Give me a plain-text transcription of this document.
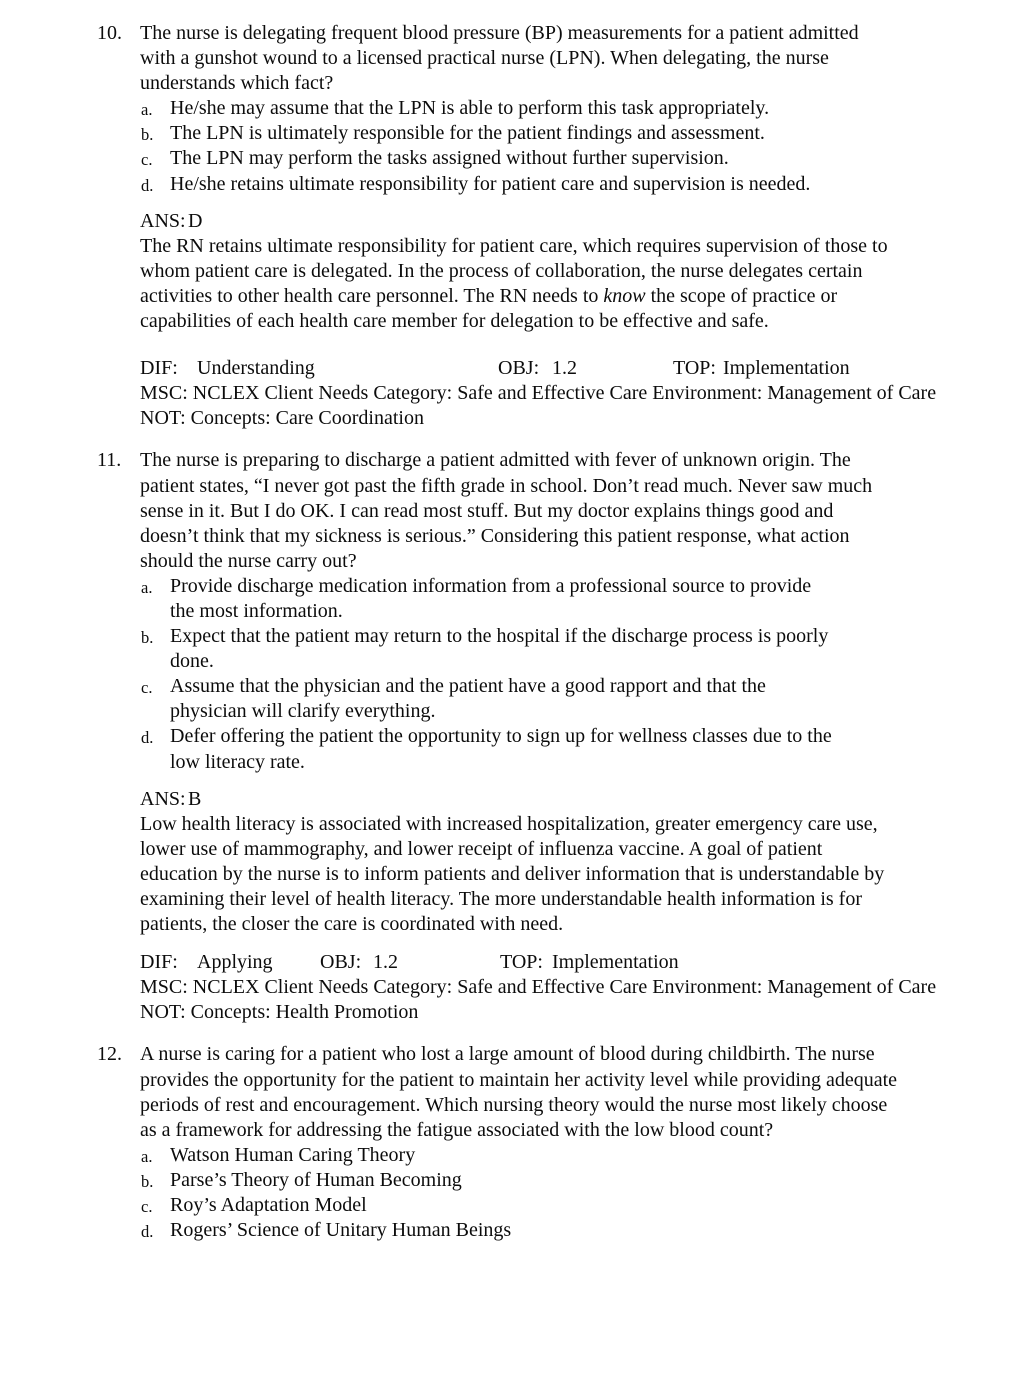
10. The nurse is delegating frequent blood pressure (BP) measurements for a patient admitted
with a gunshot wound to a licensed practical nurse (LPN). When delegating, the nurse
understands which fact?
a. He/she may assume that the LPN is able to perform this task appropriately.
b. The LPN is ultimately responsible for the patient findings and assessment.
c. The LPN may perform the tasks assigned without further supervision.
d. He/she retains ultimate responsibility for patient care and supervision is needed.
ANS: D
The RN retains ultimate responsibility for patient care, which requires supervision of those to
whom patient care is delegated. In the process of collaboration, the nurse delegates certain
activities to other health care personnel. The RN needs to know the scope of practice or
capabilities of each health care member for delegation to be effective and safe.
DIF: Understanding	OBJ: 1.2	TOP: Implementation
MSC: NCLEX Client Needs Category: Safe and Effective Care Environment: Management of Care
NOT: Concepts: Care Coordination
11. The nurse is preparing to discharge a patient admitted with fever of unknown origin. The
patient states, “I never got past the fifth grade in school. Don’t read much. Never saw much
sense in it. But I do OK. I can read most stuff. But my doctor explains things good and
doesn’t think that my sickness is serious.” Considering this patient response, what action
should the nurse carry out?
a. Provide discharge medication information from a professional source to provide
the most information.
b. Expect that the patient may return to the hospital if the discharge process is poorly
done.
c. Assume that the physician and the patient have a good rapport and that the
physician will clarify everything.
d. Defer offering the patient the opportunity to sign up for wellness classes due to the
low literacy rate.
ANS: B
Low health literacy is associated with increased hospitalization, greater emergency care use,
lower use of mammography, and lower receipt of influenza vaccine. A goal of patient
education by the nurse is to inform patients and deliver information that is understandable by
examining their level of health literacy. The more understandable health information is for
patients, the closer the care is coordinated with need.
DIF: Applying OBJ: 1.2	TOP: Implementation
MSC: NCLEX Client Needs Category: Safe and Effective Care Environment: Management of Care
NOT: Concepts: Health Promotion
12. A nurse is caring for a patient who lost a large amount of blood during childbirth. The nurse
provides the opportunity for the patient to maintain her activity level while providing adequate
periods of rest and encouragement. Which nursing theory would the nurse most likely choose
as a framework for addressing the fatigue associated with the low blood count?
a. Watson Human Caring Theory
b. Parse’s Theory of Human Becoming
c. Roy’s Adaptation Model
d. Rogers’ Science of Unitary Human Beings
